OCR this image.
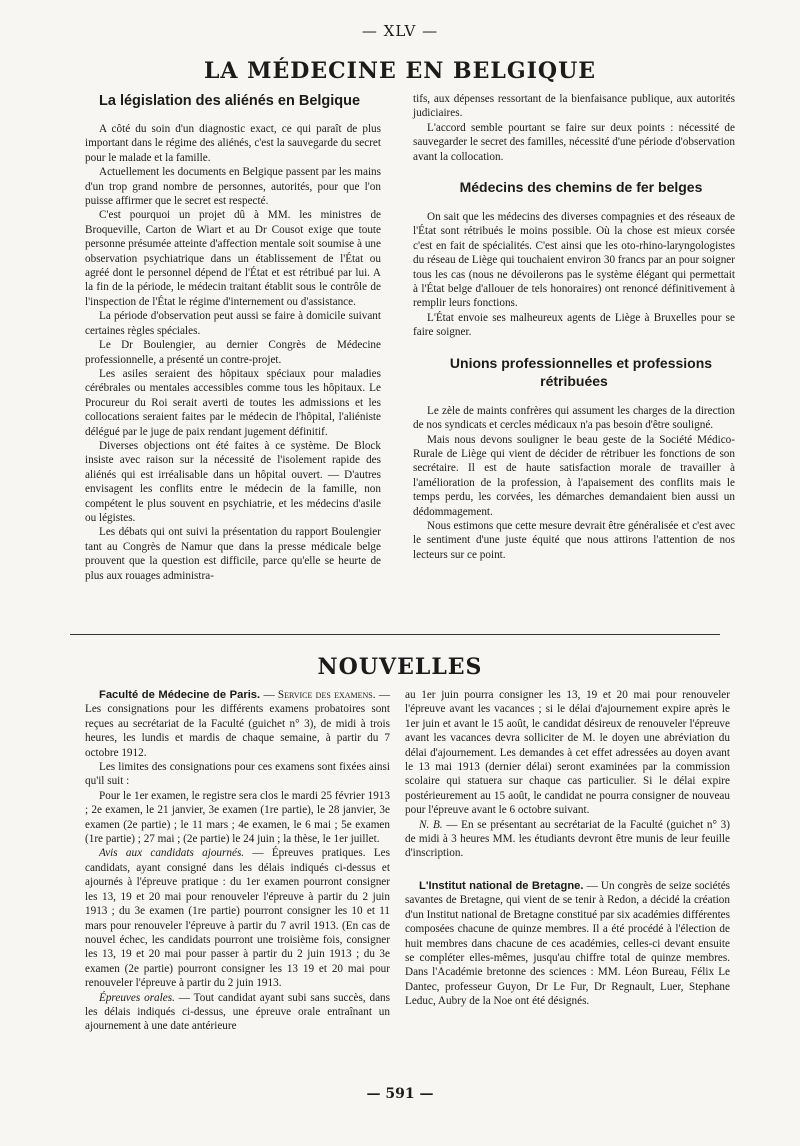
— XLV —
LA MÉDECINE EN BELGIQUE

La législation des aliénés en Belgique

A côté du soin d'un diagnostic exact, ce qui paraît de plus important dans le régime des aliénés, c'est la sauvegarde du secret pour le malade et la famille.

Actuellement les documents en Belgique passent par les mains d'un trop grand nombre de personnes, autorités, pour que l'on puisse affirmer que le secret est respecté.

C'est pourquoi un projet dû à MM. les ministres de Broqueville, Carton de Wiart et au Dr Cousot exige que toute personne présumée atteinte d'affection mentale soit soumise à une observation psychiatrique dans un établissement de l'État ou agréé dont le personnel dépend de l'État et est rétribué par lui. A la fin de la période, le médecin traitant établit sous le contrôle de l'inspection de l'État le régime d'internement ou d'assistance.

La période d'observation peut aussi se faire à domicile suivant certaines règles spéciales.

Le Dr Boulengier, au dernier Congrès de Médecine professionnelle, a présenté un contre-projet.

Les asiles seraient des hôpitaux spéciaux pour maladies cérébrales ou mentales accessibles comme tous les hôpitaux. Le Procureur du Roi serait averti de toutes les admissions et les collocations seraient faites par le médecin de l'hôpital, l'aliéniste délégué par le juge de paix rendant jugement définitif.

Diverses objections ont été faites à ce système. De Block insiste avec raison sur la nécessité de l'isolement rapide des aliénés qui est irréalisable dans un hôpital ouvert. — D'autres envisagent les conflits entre le médecin de la famille, non compétent le plus souvent en psychiatrie, et les médecins d'asile ou légistes.

Les débats qui ont suivi la présentation du rapport Boulengier tant au Congrès de Namur que dans la presse médicale belge prouvent que la question est difficile, parce qu'elle se heurte de plus aux rouages administra-

tifs, aux dépenses ressortant de la bienfaisance publique, aux autorités judiciaires.

L'accord semble pourtant se faire sur deux points : nécessité de sauvegarder le secret des familles, nécessité d'une période d'observation avant la collocation.

Médecins des chemins de fer belges

On sait que les médecins des diverses compagnies et des réseaux de l'État sont rétribués le moins possible. Où la chose est mieux corsée c'est en fait de spécialités. C'est ainsi que les oto-rhino-laryngologistes du réseau de Liège qui touchaient environ 30 francs par an pour soigner tous les cas (nous ne dévoilerons pas le système élégant qui permettait à l'État belge d'allouer de tels honoraires) ont renoncé définitivement à remplir leurs fonctions.

L'État envoie ses malheureux agents de Liège à Bruxelles pour se faire soigner.

Unions professionnelles et professions rétribuées

Le zèle de maints confrères qui assument les charges de la direction de nos syndicats et cercles médicaux n'a pas besoin d'être souligné.

Mais nous devons souligner le beau geste de la Société Médico-Rurale de Liège qui vient de décider de rétribuer les fonctions de son secrétaire. Il est de haute satisfaction morale de travailler à l'amélioration de la profession, à l'apaisement des conflits mais le temps perdu, les corvées, les démarches demandaient bien aussi un dédommagement.

Nous estimons que cette mesure devrait être généralisée et c'est avec le sentiment d'une juste équité que nous attirons l'attention de nos lecteurs sur ce point.

NOUVELLES

Faculté de Médecine de Paris. — Service des examens. — Les consignations pour les différents examens probatoires sont reçues au secrétariat de la Faculté (guichet n° 3), de midi à trois heures, les lundis et mardis de chaque semaine, à partir du 7 octobre 1912.

Les limites des consignations pour ces examens sont fixées ainsi qu'il suit :

Pour le 1er examen, le registre sera clos le mardi 25 février 1913 ; 2e examen, le 21 janvier, 3e examen (1re partie), le 28 janvier, 3e examen (2e partie) ; le 11 mars ; 4e examen, le 6 mai ; 5e examen (1re partie) ; 27 mai ; (2e partie) le 24 juin ; la thèse, le 1er juillet.

Avis aux candidats ajournés. — Épreuves pratiques. Les candidats, ayant consigné dans les délais indiqués ci-dessus et ajournés à l'épreuve pratique : du 1er examen pourront consigner les 13, 19 et 20 mai pour renouveler l'épreuve à partir du 2 juin 1913 ; du 3e examen (1re partie) pourront consigner les 10 et 11 mars pour renouveler l'épreuve à partir du 7 avril 1913. (En cas de nouvel échec, les candidats pourront une troisième fois, consigner les 13, 19 et 20 mai pour passer à partir du 2 juin 1913 ; du 3e examen (2e partie) pourront consigner les 13 19 et 20 mai pour renouveler l'épreuve à partir du 2 juin 1913.

Épreuves orales. — Tout candidat ayant subi sans succès, dans les délais indiqués ci-dessus, une épreuve orale entraînant un ajournement à une date antérieure

au 1er juin pourra consigner les 13, 19 et 20 mai pour renouveler l'épreuve avant les vacances ; si le délai d'ajournement expire après le 1er juin et avant le 15 août, le candidat désireux de renouveler l'épreuve avant les vacances devra solliciter de M. le doyen une abréviation du délai d'ajournement. Les demandes à cet effet adressées au doyen avant le 13 mai 1913 (dernier délai) seront examinées par la commission scolaire qui statuera sur chaque cas particulier. Si le délai expire postérieurement au 15 août, le candidat ne pourra consigner de nouveau pour l'épreuve avant le 6 octobre suivant.

N. B. — En se présentant au secrétariat de la Faculté (guichet n° 3) de midi à 3 heures MM. les étudiants devront être munis de leur feuille d'inscription.

L'Institut national de Bretagne. — Un congrès de seize sociétés savantes de Bretagne, qui vient de se tenir à Redon, a décidé la création d'un Institut national de Bretagne constitué par six académies différentes composées chacune de quinze membres. Il a été procédé à l'élection de huit membres dans chacune de ces académies, celles-ci devant ensuite se compléter elles-mêmes, jusqu'au chiffre total de quinze membres. Dans l'Académie bretonne des sciences : MM. Léon Bureau, Félix Le Dantec, professeur Guyon, Dr Le Fur, Dr Regnault, Luer, Stephane Leduc, Aubry de la Noe ont été désignés.

— 591 —
